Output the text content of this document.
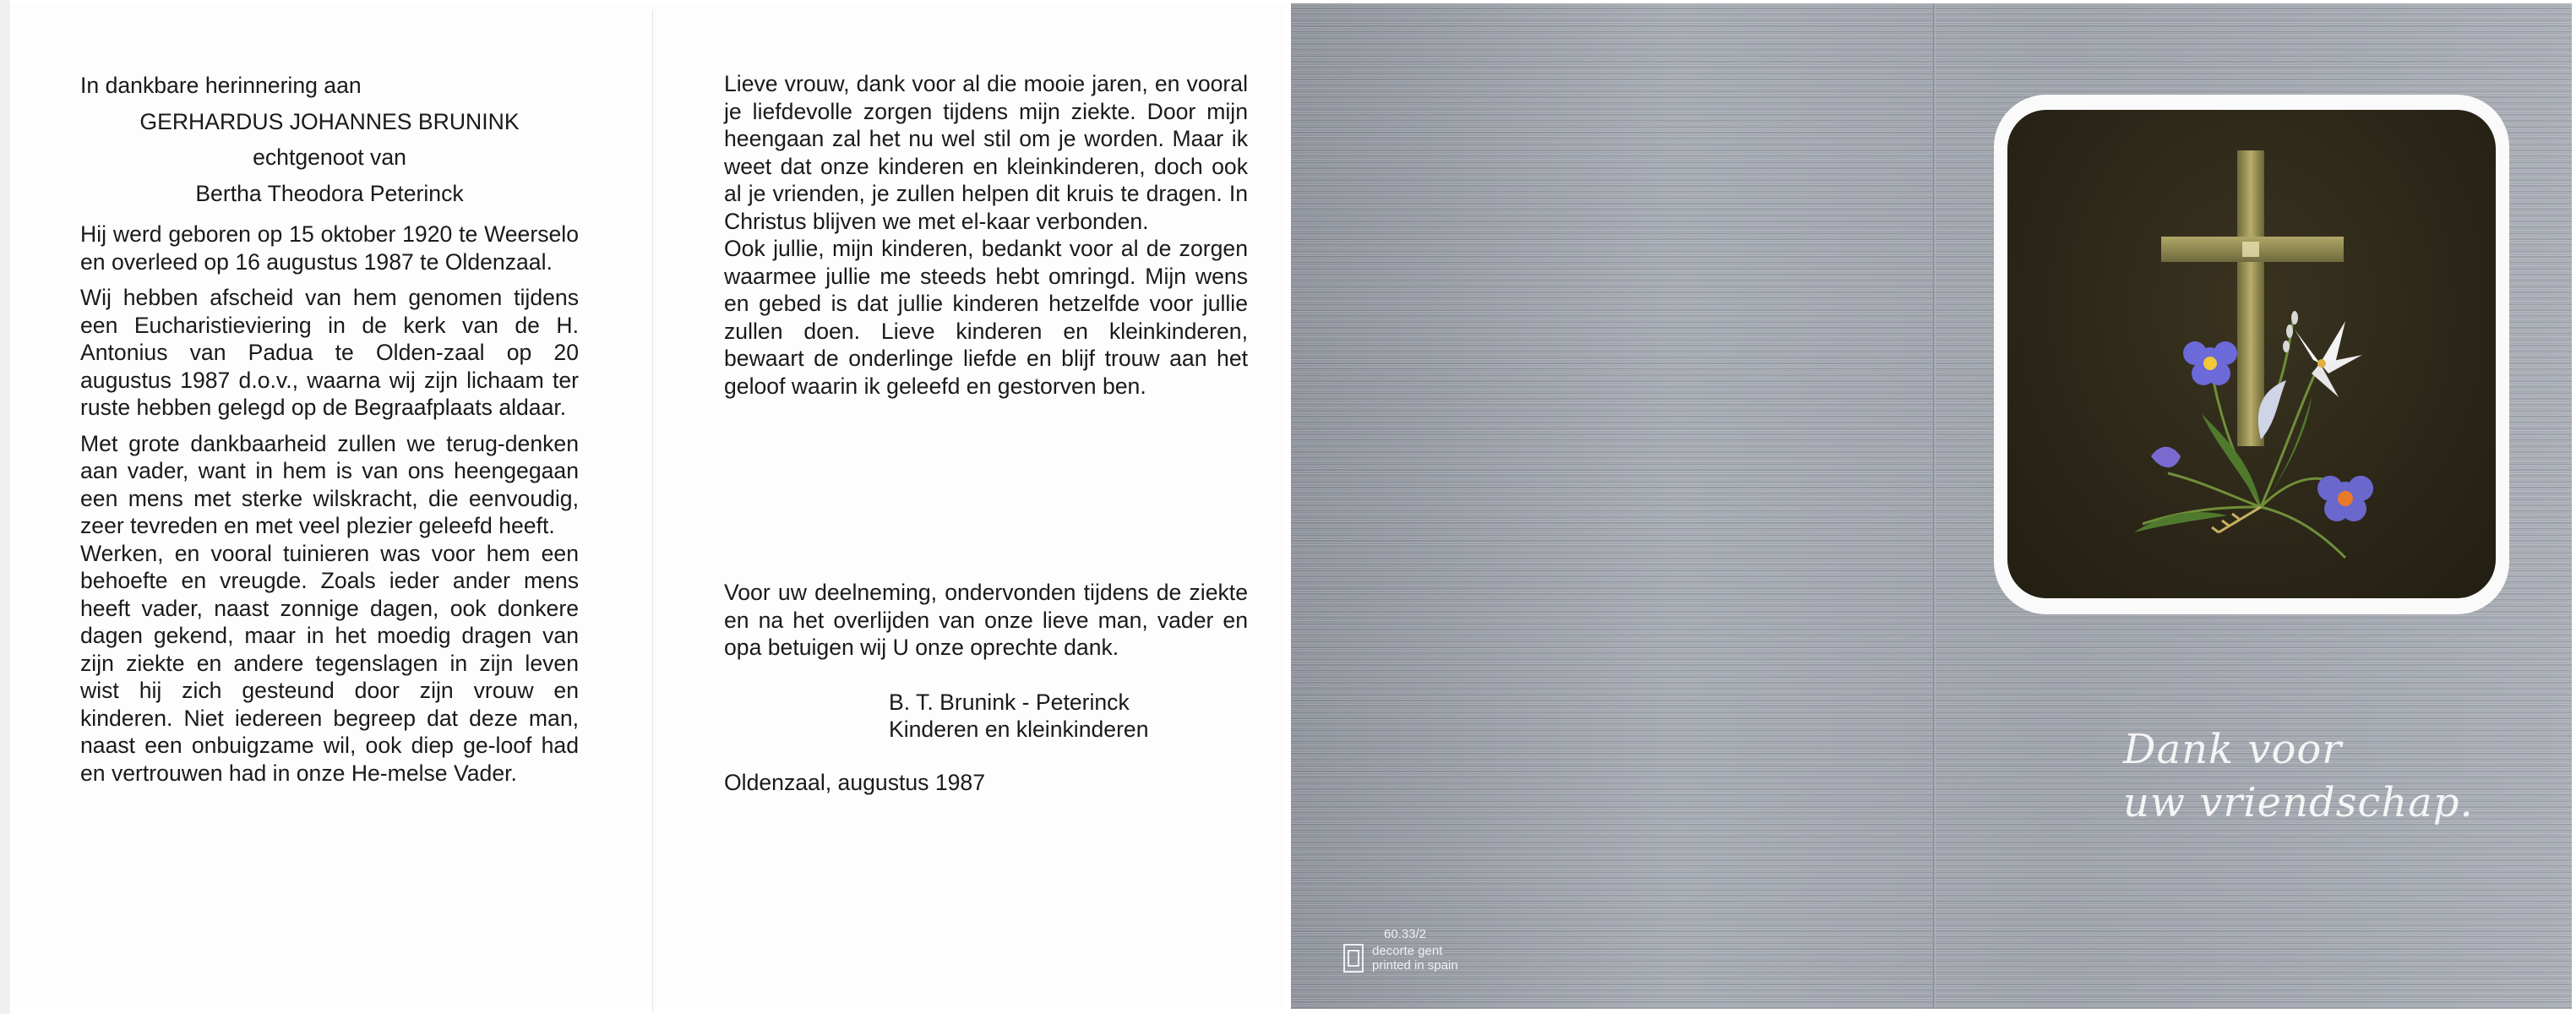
In dankbare herinnering aan
GERHARDUS JOHANNES BRUNINK
echtgenoot van
Bertha Theodora Peterinck

Hij werd geboren op 15 oktober 1920 te Weerselo en overleed op 16 augustus 1987 te Oldenzaal.

Wij hebben afscheid van hem genomen tijdens een Eucharistieviering in de kerk van de H. Antonius van Padua te Olden-zaal op 20 augustus 1987 d.o.v., waarna wij zijn lichaam ter ruste hebben gelegd op de Begraafplaats aldaar.

Met grote dankbaarheid zullen we terug-denken aan vader, want in hem is van ons heengegaan een mens met sterke wilskracht, die eenvoudig, zeer tevreden en met veel plezier geleefd heeft.

Werken, en vooral tuinieren was voor hem een behoefte en vreugde. Zoals ieder ander mens heeft vader, naast zonnige dagen, ook donkere dagen gekend, maar in het moedig dragen van zijn ziekte en andere tegenslagen in zijn leven wist hij zich gesteund door zijn vrouw en kinderen. Niet iedereen begreep dat deze man, naast een onbuigzame wil, ook diep ge-loof had en vertrouwen had in onze He-melse Vader.

Lieve vrouw, dank voor al die mooie jaren, en vooral je liefdevolle zorgen tijdens mijn ziekte. Door mijn heengaan zal het nu wel stil om je worden. Maar ik weet dat onze kinderen en kleinkinderen, doch ook al je vrienden, je zullen helpen dit kruis te dragen. In Christus blijven we met el-kaar verbonden.

Ook jullie, mijn kinderen, bedankt voor al de zorgen waarmee jullie me steeds hebt omringd. Mijn wens en gebed is dat jullie kinderen hetzelfde voor jullie zullen doen. Lieve kinderen en kleinkinderen, bewaart de onderlinge liefde en blijf trouw aan het geloof waarin ik geleefd en gestorven ben.

Voor uw deelneming, ondervonden tijdens de ziekte en na het overlijden van onze lieve man, vader en opa betuigen wij U onze oprechte dank.

B. T. Brunink - Peterinck
Kinderen en kleinkinderen
Oldenzaal, augustus 1987
Dank voor
uw vriendschap.
60.33/2
decorte gent
printed in spain
